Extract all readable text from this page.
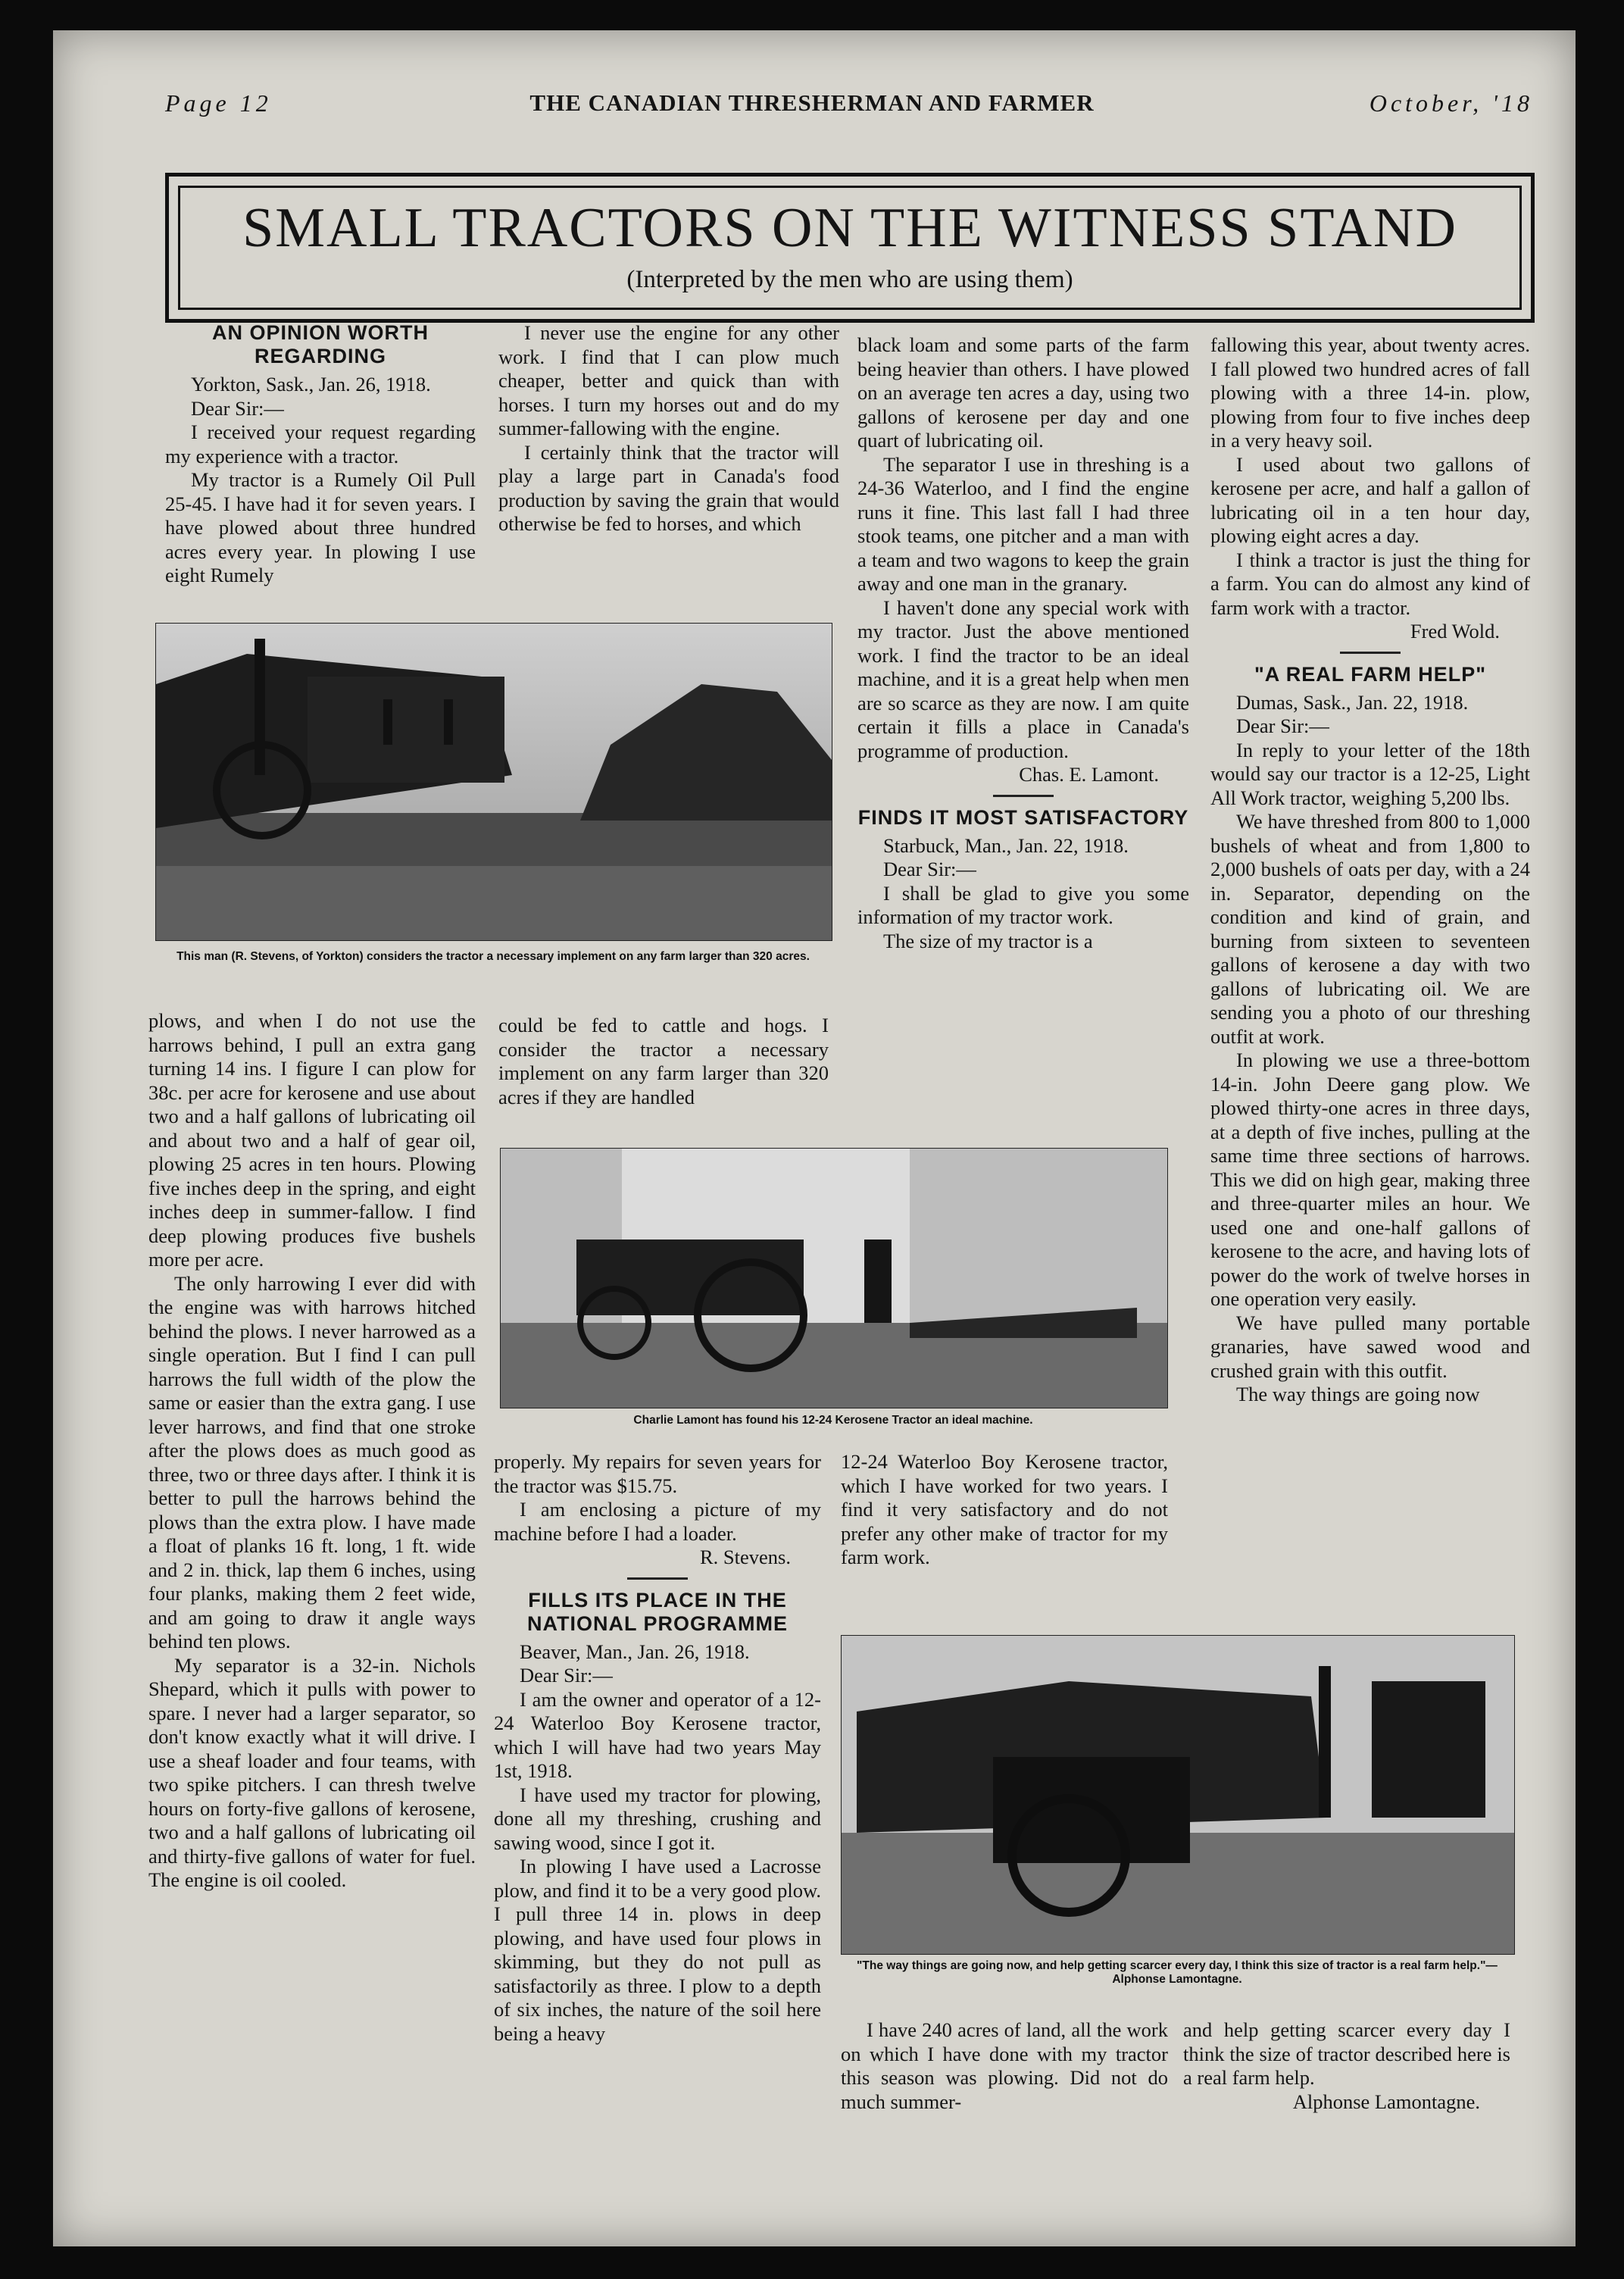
Page 12	THE CANADIAN THRESHERMAN AND FARMER	October, '18
SMALL TRACTORS ON THE WITNESS STAND
(Interpreted by the men who are using them)
AN OPINION WORTH REGARDING

Yorkton, Sask., Jan. 26, 1918.

Dear Sir:—

I received your request regarding my experience with a tractor.

My tractor is a Rumely Oil Pull 25-45. I have had it for seven years. I have plowed about three hundred acres every year. In plowing I use eight Rumely

I never use the engine for any other work. I find that I can plow much cheaper, better and quick than with horses. I turn my horses out and do my summer-fallowing with the engine.

I certainly think that the tractor will play a large part in Canada's food production by saving the grain that would otherwise be fed to horses, and which

black loam and some parts of the farm being heavier than others. I have plowed on an average ten acres a day, using two gallons of kerosene per day and one quart of lubricating oil.

The separator I use in threshing is a 24-36 Waterloo, and I find the engine runs it fine. This last fall I had three stook teams, one pitcher and a man with a team and two wagons to keep the grain away and one man in the granary.

I haven't done any special work with my tractor. Just the above mentioned work. I find the tractor to be an ideal machine, and it is a great help when men are so scarce as they are now. I am quite certain it fills a place in Canada's programme of production.

Chas. E. Lamont.

FINDS IT MOST SATISFACTORY

Starbuck, Man., Jan. 22, 1918.

Dear Sir:—

I shall be glad to give you some information of my tractor work.

The size of my tractor is a

fallowing this year, about twenty acres. I fall plowed two hundred acres of fall plowing with a three 14-in. plow, plowing from four to five inches deep in a very heavy soil.

I used about two gallons of kerosene per acre, and half a gallon of lubricating oil in a ten hour day, plowing eight acres a day.

I think a tractor is just the thing for a farm. You can do almost any kind of farm work with a tractor.

Fred Wold.

"A REAL FARM HELP"

Dumas, Sask., Jan. 22, 1918.

Dear Sir:—

In reply to your letter of the 18th would say our tractor is a 12-25, Light All Work tractor, weighing 5,200 lbs.

We have threshed from 800 to 1,000 bushels of wheat and from 1,800 to 2,000 bushels of oats per day, with a 24 in. Separator, depending on the condition and kind of grain, and burning from sixteen to seventeen gallons of kerosene a day with two gallons of lubricating oil. We are sending you a photo of our threshing outfit at work.

In plowing we use a three-bottom 14-in. John Deere gang plow. We plowed thirty-one acres in three days, at a depth of five inches, pulling at the same time three sections of harrows. This we did on high gear, making three and three-quarter miles an hour. We used one and one-half gallons of kerosene to the acre, and having lots of power do the work of twelve horses in one operation very easily.

We have pulled many portable granaries, have sawed wood and crushed grain with this outfit.

The way things are going now

This man (R. Stevens, of Yorkton) considers the tractor a necessary implement on any farm larger than 320 acres.

plows, and when I do not use the harrows behind, I pull an extra gang turning 14 ins. I figure I can plow for 38c. per acre for kerosene and use about two and a half gallons of lubricating oil and about two and a half of gear oil, plowing 25 acres in ten hours. Plowing five inches deep in the spring, and eight inches deep in summer-fallow. I find deep plowing produces five bushels more per acre.

The only harrowing I ever did with the engine was with harrows hitched behind the plows. I never harrowed as a single operation. But I find I can pull harrows the full width of the plow the same or easier than the extra gang. I use lever harrows, and find that one stroke after the plows does as much good as three, two or three days after. I think it is better to pull the harrows behind the plows than the extra plow. I have made a float of planks 16 ft. long, 1 ft. wide and 2 in. thick, lap them 6 inches, using four planks, making them 2 feet wide, and am going to draw it angle ways behind ten plows.

My separator is a 32-in. Nichols Shepard, which it pulls with power to spare. I never had a larger separator, so don't know exactly what it will drive. I use a sheaf loader and four teams, with two spike pitchers. I can thresh twelve hours on forty-five gallons of kerosene, two and a half gallons of lubricating oil and thirty-five gallons of water for fuel. The engine is oil cooled.

could be fed to cattle and hogs. I consider the tractor a necessary implement on any farm larger than 320 acres if they are handled

Charlie Lamont has found his 12-24 Kerosene Tractor an ideal machine.

properly. My repairs for seven years for the tractor was $15.75.

I am enclosing a picture of my machine before I had a loader.

R. Stevens.

FILLS ITS PLACE IN THE NATIONAL PROGRAMME

Beaver, Man., Jan. 26, 1918.

Dear Sir:—

I am the owner and operator of a 12-24 Waterloo Boy Kerosene tractor, which I will have had two years May 1st, 1918.

I have used my tractor for plowing, done all my threshing, crushing and sawing wood, since I got it.

In plowing I have used a Lacrosse plow, and find it to be a very good plow. I pull three 14 in. plows in deep plowing, and have used four plows in skimming, but they do not pull as satisfactorily as three. I plow to a depth of six inches, the nature of the soil here being a heavy

12-24 Waterloo Boy Kerosene tractor, which I have worked for two years. I find it very satisfactory and do not prefer any other make of tractor for my farm work.

"The way things are going now, and help getting scarcer every day, I think this size of tractor is a real farm help."—Alphonse Lamontagne.

I have 240 acres of land, all the work on which I have done with my tractor this season was plowing. Did not do much summer-

and help getting scarcer every day I think the size of tractor described here is a real farm help.

Alphonse Lamontagne.
